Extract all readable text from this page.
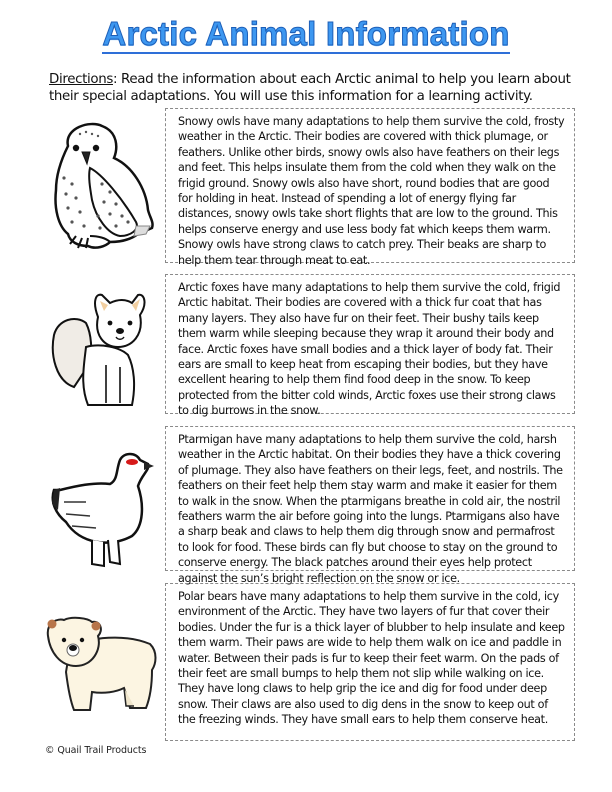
Arctic Animal Information
Directions: Read the information about each Arctic animal to help you learn about their special adaptations. You will use this information for a learning activity.
Snowy owls have many adaptations to help them survive the cold, frosty weather in the Arctic. Their bodies are covered with thick plumage, or feathers. Unlike other birds, snowy owls also have feathers on their legs and feet. This helps insulate them from the cold when they walk on the frigid ground. Snowy owls also have short, round bodies that are good for holding in heat. Instead of spending a lot of energy flying far distances, snowy owls take short flights that are low to the ground. This helps conserve energy and use less body fat which keeps them warm. Snowy owls have strong claws to catch prey. Their beaks are sharp to help them tear through meat to eat.
Arctic foxes have many adaptations to help them survive the cold, frigid Arctic habitat. Their bodies are covered with a thick fur coat that has many layers. They also have fur on their feet. Their bushy tails keep them warm while sleeping because they wrap it around their body and face. Arctic foxes have small bodies and a thick layer of body fat. Their ears are small to keep heat from escaping their bodies, but they have excellent hearing to help them find food deep in the snow. To keep protected from the bitter cold winds, Arctic foxes use their strong claws to dig burrows in the snow.
Ptarmigan have many adaptations to help them survive the cold, harsh weather in the Arctic habitat. On their bodies they have a thick covering of plumage. They also have feathers on their legs, feet, and nostrils. The feathers on their feet help them stay warm and make it easier for them to walk in the snow. When the ptarmigans breathe in cold air, the nostril feathers warm the air before going into the lungs. Ptarmigans also have a sharp beak and claws to help them dig through snow and permafrost to look for food. These birds can fly but choose to stay on the ground to conserve energy. The black patches around their eyes help protect against the sun’s bright reflection on the snow or ice.
Polar bears have many adaptations to help them survive in the cold, icy environment of the Arctic. They have two layers of fur that cover their bodies. Under the fur is a thick layer of blubber to help insulate and keep them warm. Their paws are wide to help them walk on ice and paddle in water. Between their pads is fur to keep their feet warm. On the pads of their feet are small bumps to help them not slip while walking on ice. They have long claws to help grip the ice and dig for food under deep snow. Their claws are also used to dig dens in the snow to keep out of the freezing winds. They have small ears to help them conserve heat.
© Quail Trail Products
